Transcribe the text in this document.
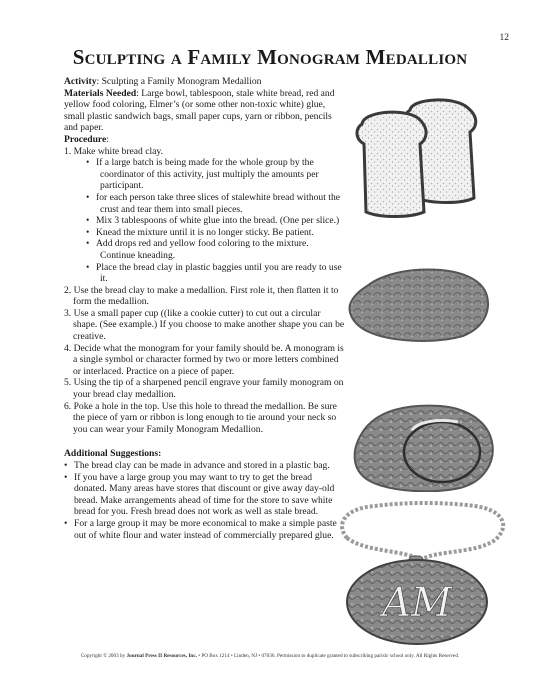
12
Sculpting a Family Monogram Medallion

Activity: Sculpting a Family Monogram Medallion

Materials Needed: Large bowl, tablespoon, stale white bread, red and yellow food coloring, Elmer’s (or some other non-toxic white) glue, small plastic sandwich bags, small paper cups, yarn or ribbon, pencils and paper.

Procedure:

1. Make white bread clay.
• If a large batch is being made for the whole group by the coordinator of this activity, just multiply the amounts per participant.
• for each person take three slices of stalewhite bread without the crust and tear them into small pieces.
• Mix 3 tablespoons of white glue into the bread. (One per slice.)
• Knead the mixture until it is no longer sticky. Be patient.
• Add drops red and yellow food coloring to the mixture. Continue kneading.
• Place the bread clay in plastic baggies until you are ready to use it.
2. Use the bread clay to make a medallion. First role it, then flatten it to form the medallion.
3. Use a small paper cup ((like a cookie cutter) to cut out a circular shape. (See example.) If you choose to make another shape you can be creative.
4. Decide what the monogram for your family should be. A monogram is a single symbol or character formed by two or more letters combined or interlaced. Practice on a piece of paper.
5. Using the tip of a sharpened pencil engrave your family monogram on your bread clay medallion.
6. Poke a hole in the top. Use this hole to thread the medallion. Be sure the piece of yarn or ribbon is long enough to tie around your neck so you can wear your Family Monogram Medallion.

Additional Suggestions:

• The bread clay can be made in advance and stored in a plastic bag.
• If you have a large group you may want to try to get the bread donated. Many areas have stores that discount or give away day-old bread. Make arrangements ahead of time for the store to save white bread for you. Fresh bread does not work as well as stale bread.
• For a large group it may be more economical to make a simple paste out of white flour and water instead of commercially prepared glue.
AM
Copyright © 2003 by Journal Press II Resources, Inc. • PO Box 1214 • Linden, NJ • 07036. Permission to duplicate granted to subscribing parish/ school only. All Rights Reserved.
